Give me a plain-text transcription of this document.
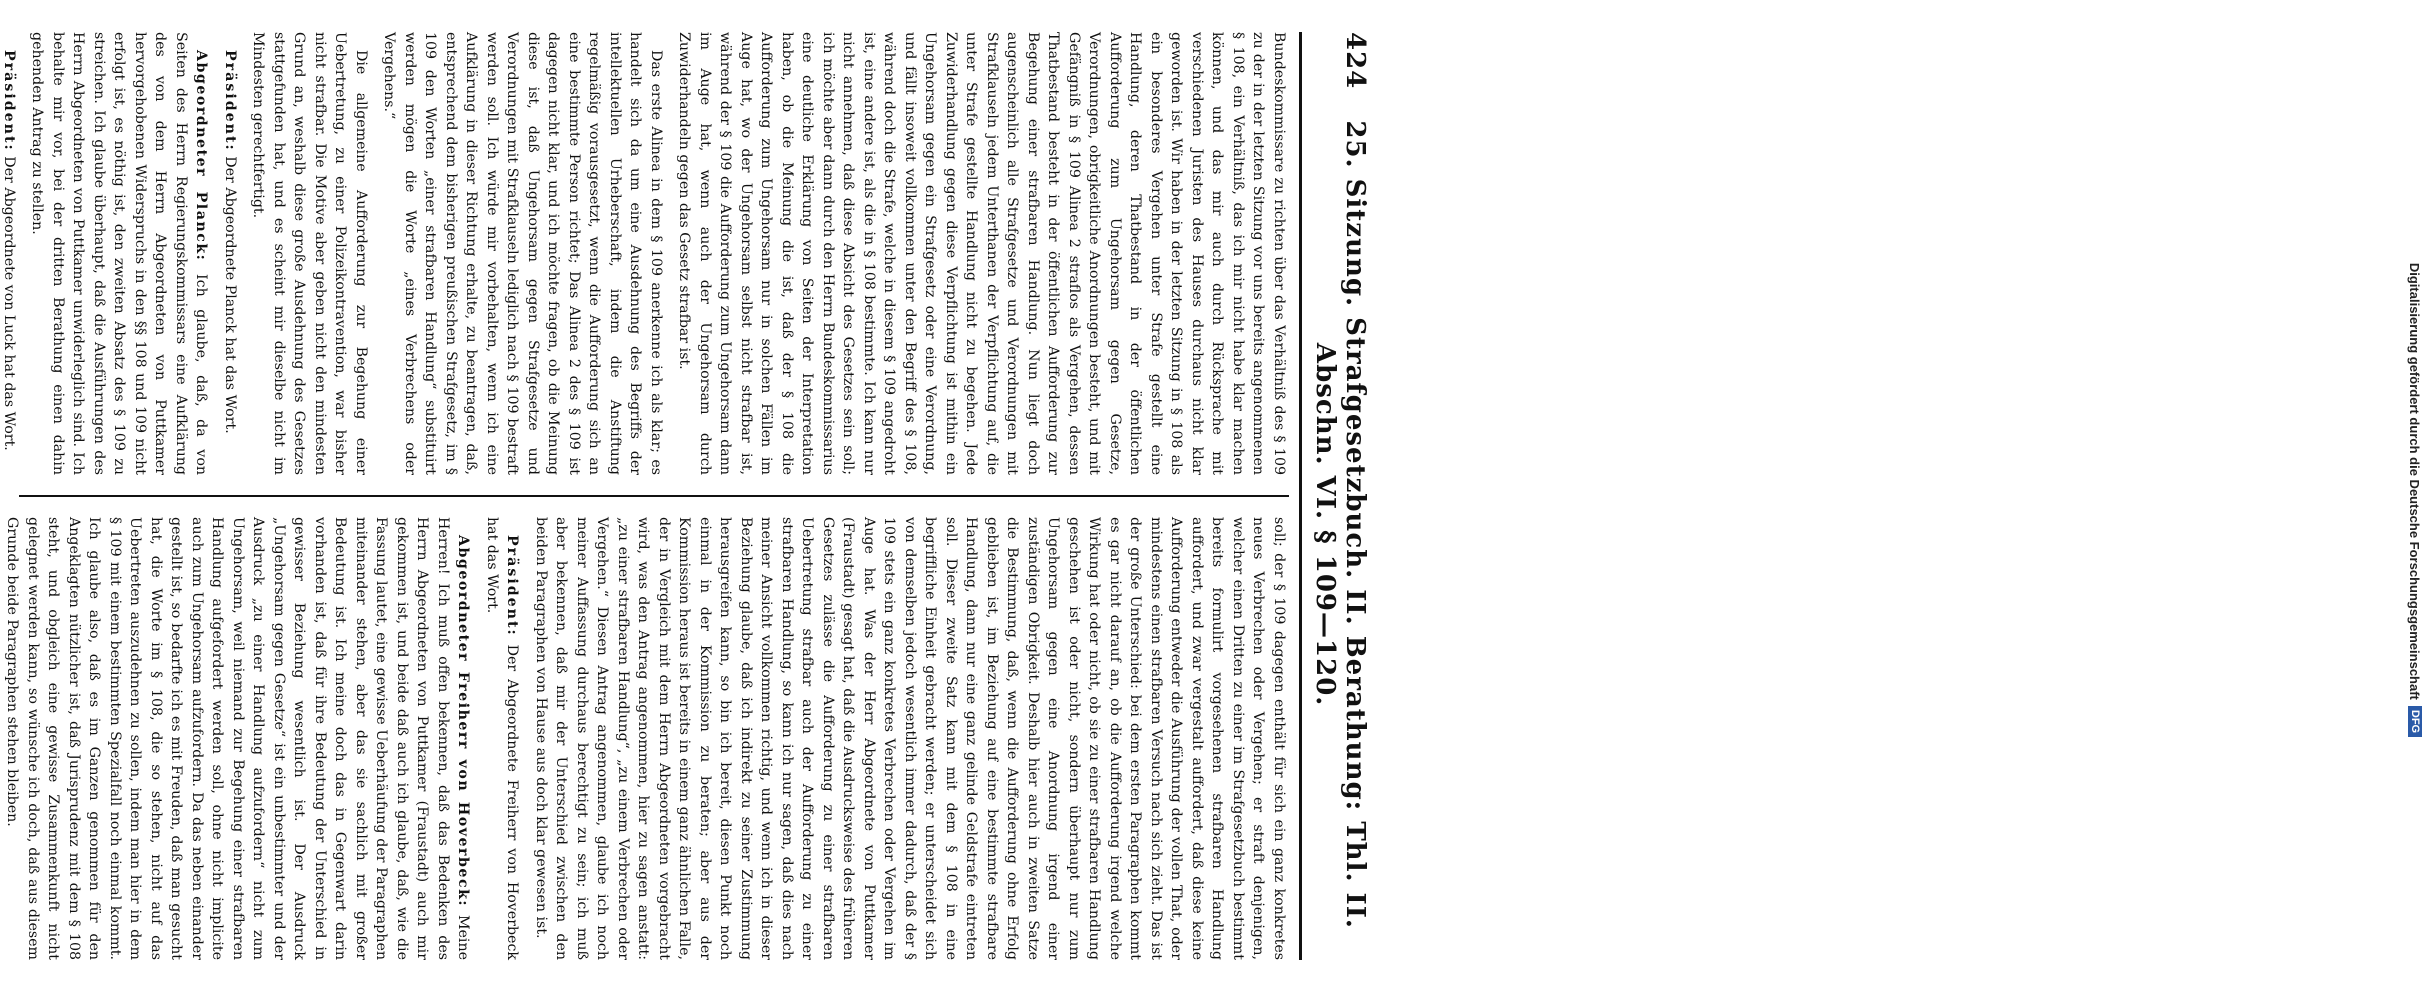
424
25. Sitzung. Strafgesetzbuch. II. Berathung: Thl. II. Abschn. VI. § 109—120.

Bundeskommissare zu richten über das Verhältniß des § 109 zu der in der letzten Sitzung vor uns bereits angenommenen § 108, ein Verhältniß, das ich mir nicht habe klar machen können, und das mir auch durch Rücksprache mit verschiedenen Juristen des Hauses durchaus nicht klar geworden ist. Wir haben in der letzten Sitzung in § 108 als ein besonderes Vergehen unter Strafe gestellt eine Handlung, deren Thatbestand in der öffentlichen Aufforderung zum Ungehorsam gegen Gesetze, Verordnungen, obrigkeitliche Anordnungen besteht, und mit Gefängniß in § 109 Alinea 2 straflos als Vergehen, dessen Thatbestand besteht in der öffentlichen Aufforderung zur Begehung einer strafbaren Handlung. Nun liegt doch augenscheinlich alle Strafgesetze und Verordnungen mit Strafklauseln jedem Unterthanen der Verpflichtung auf, die unter Strafe gestellte Handlung nicht zu begehen. Jede Zuwiderhandlung gegen diese Verpflichtung ist mithin ein Ungehorsam gegen ein Strafgesetz oder eine Verordnung, und fällt insoweit vollkommen unter den Begriff des § 108, während doch die Strafe, welche in diesem § 109 angedroht ist, eine andere ist, als die in § 108 bestimmte. Ich kann nur nicht annehmen, daß diese Absicht des Gesetzes sein soll; ich möchte aber dann durch den Herrn Bundeskommissarius eine deutliche Erklärung von Seiten der Interpretation haben, ob die Meinung die ist, daß der § 108 die Aufforderung zum Ungehorsam nur in solchen Fällen im Auge hat, wo der Ungehorsam selbst nicht strafbar ist, während der § 109 die Aufforderung zum Ungehorsam dann im Auge hat, wenn auch der Ungehorsam durch Zuwiderhandeln gegen das Gesetz strafbar ist.

Das erste Alinea in dem § 109 anerkenne ich als klar; es handelt sich da um eine Ausdehnung des Begriffs der intellektuellen Urheberschaft, indem die Anstiftung regelmäßig vorausgesetzt, wenn die Aufforderung sich an eine bestimmte Person richtet; Das Alinea 2 des § 109 ist dagegen nicht klar, und ich möchte fragen, ob die Meinung diese ist, daß Ungehorsam gegen Strafgesetze und Verordnungen mit Strafklauseln lediglich nach § 109 bestraft werden soll. Ich würde mir vorbehalten, wenn ich eine Aufklärung in dieser Richtung erhalte, zu beantragen, daß, entsprechend dem bisherigen preußischen Strafgesetz, im § 109 den Worten „einer strafbaren Handlung“ substituirt werden mögen die Worte „eines Verbrechens oder Vergehens.“

Die allgemeine Aufforderung zur Begehung einer Uebertretung, zu einer Polizeikontravention, war bisher nicht strafbar. Die Motive aber geben nicht den mindesten Grund an, weshalb diese große Ausdehnung des Gesetzes stattgefunden hat, und es scheint mir dieselbe nicht im Mindesten gerechtfertigt.

Präsident: Der Abgeordnete Planck hat das Wort.

Abgeordneter Planck: Ich glaube, daß, da von Seiten des Herrn Regierungskommissars eine Aufklärung des von dem Herrn Abgeordneten von Puttkamer hervorgehobenen Widerspruchs in den §§ 108 und 109 nicht erfolgt ist, es nöthig ist, den zweiten Absatz des § 109 zu streichen. Ich glaube überhaupt, daß die Ausführungen des Herrn Abgeordneten von Puttkamer unwiderleglich sind. Ich behalte mir vor, bei der dritten Berathung einen dahin gehenden Antrag zu stellen.

Präsident: Der Abgeordnete von Luck hat das Wort.

soll; der § 109 dagegen enthält für sich ein ganz konkretes neues Verbrechen oder Vergehen; er straft denjenigen, welcher einen Dritten zu einer im Strafgesetzbuch bestimmt bereits formulirt vorgesehenen strafbaren Handlung auffordert, und zwar vergestalt auffordert, daß diese keine Aufforderung entweder die Ausführung der vollen That, oder mindestens einen strafbaren Versuch nach sich zieht. Das ist der große Unterschied: bei dem ersten Paragraphen kommt es gar nicht darauf an, ob die Aufforderung irgend welche Wirkung hat oder nicht, ob sie zu einer strafbaren Handlung geschehen ist oder nicht, sondern überhaupt nur zum Ungehorsam gegen eine Anordnung irgend einer zuständigen Obrigkeit. Deshalb hier auch in zweiten Satze die Bestimmung, daß, wenn die Aufforderung ohne Erfolg geblieben ist, im Beziehung auf eine bestimmte strafbare Handlung, dann nur eine ganz gelinde Geldstrafe eintreten soll. Dieser zweite Satz kann mit dem § 108 in eine begriffliche Einheit gebracht werden; er unterscheidet sich von demselben jedoch wesentlich immer dadurch, daß der § 109 stets ein ganz konkretes Verbrechen oder Vergehen im Auge hat. Was der Herr Abgeordnete von Puttkamer (Fraustadt) gesagt hat, daß die Ausdrucksweise des früheren Gesetzes zulässe die Aufforderung zu einer strafbaren Uebertretung strafbar auch der Aufforderung zu einer strafbaren Handlung, so kann ich nur sagen, daß dies nach meiner Ansicht vollkommen richtig, und wenn ich in dieser Beziehung glaube, daß ich indirekt zu seiner Zustimmung herausgreifen kann, so bin ich bereit, diesen Punkt noch einmal in der Kommission zu beraten; aber aus der Kommission heraus ist bereits in einem ganz ähnlichen Falle, der in Vergleich mit dem Herrn Abgeordneten vorgebracht wird, was den Antrag angenommen, hier zu sagen anstatt: „zu einer strafbaren Handlung“, „zu einem Verbrechen oder Vergehen.“ Diesen Antrag angenommen, glaube ich noch meiner Auffassung durchaus berechtigt zu sein; ich muß aber bekennen, daß mir der Unterschied zwischen den beiden Paragraphen von Hause aus doch klar gewesen ist.

Präsident: Der Abgeordnete Freiherr von Hoverbeck hat das Wort.

Abgeordneter Freiherr von Hoverbeck: Meine Herren! Ich muß offen bekennen, daß das Bedenken des Herrn Abgeordneten von Puttkamer (Fraustadt) auch mir gekommen ist, und beide daß auch ich glaube, daß, wie die Fassung lautet, eine gewisse Ueberhäufung der Paragraphen miteinander stehen, aber das sie sachlich mit großer Bedeutung ist. Ich meine doch das in Gegenwart darin vorhanden ist, daß für ihre Bedeutung der Unterschied in gewisser Beziehung wesentlich ist. Der Ausdruck „Ungehorsam gegen Gesetze“ ist ein unbestimmter und der Ausdruck „zu einer Handlung aufzufordern“ nicht zum Ungehorsam, weil niemand zur Begehung einer strafbaren Handlung aufgefordert werden soll, ohne nicht implicite auch zum Ungehorsam aufzufordern. Da das neben einander gestellt ist, so bedarfte ich es mit Freuden, daß man gesucht hat, die Worte im § 108, die so stehen, nicht auf das Uebertreten auszudehnen zu sollen, indem man hier in dem § 109 mit einem bestimmten Spezialfall noch einmal kommt. Ich glaube also, daß es im Ganzen genommen für den Angeklagten nützlicher ist, daß Jurisprudenz mit dem § 108 steht, und obgleich eine gewisse Zusammenkunft nicht gelegnet werden kann, so wünsche ich doch, daß aus diesem Grunde beide Paragraphen stehen bleiben.	Digitalisierung gefördert durch die Deutsche Forschungsgemeinschaft
DFG
